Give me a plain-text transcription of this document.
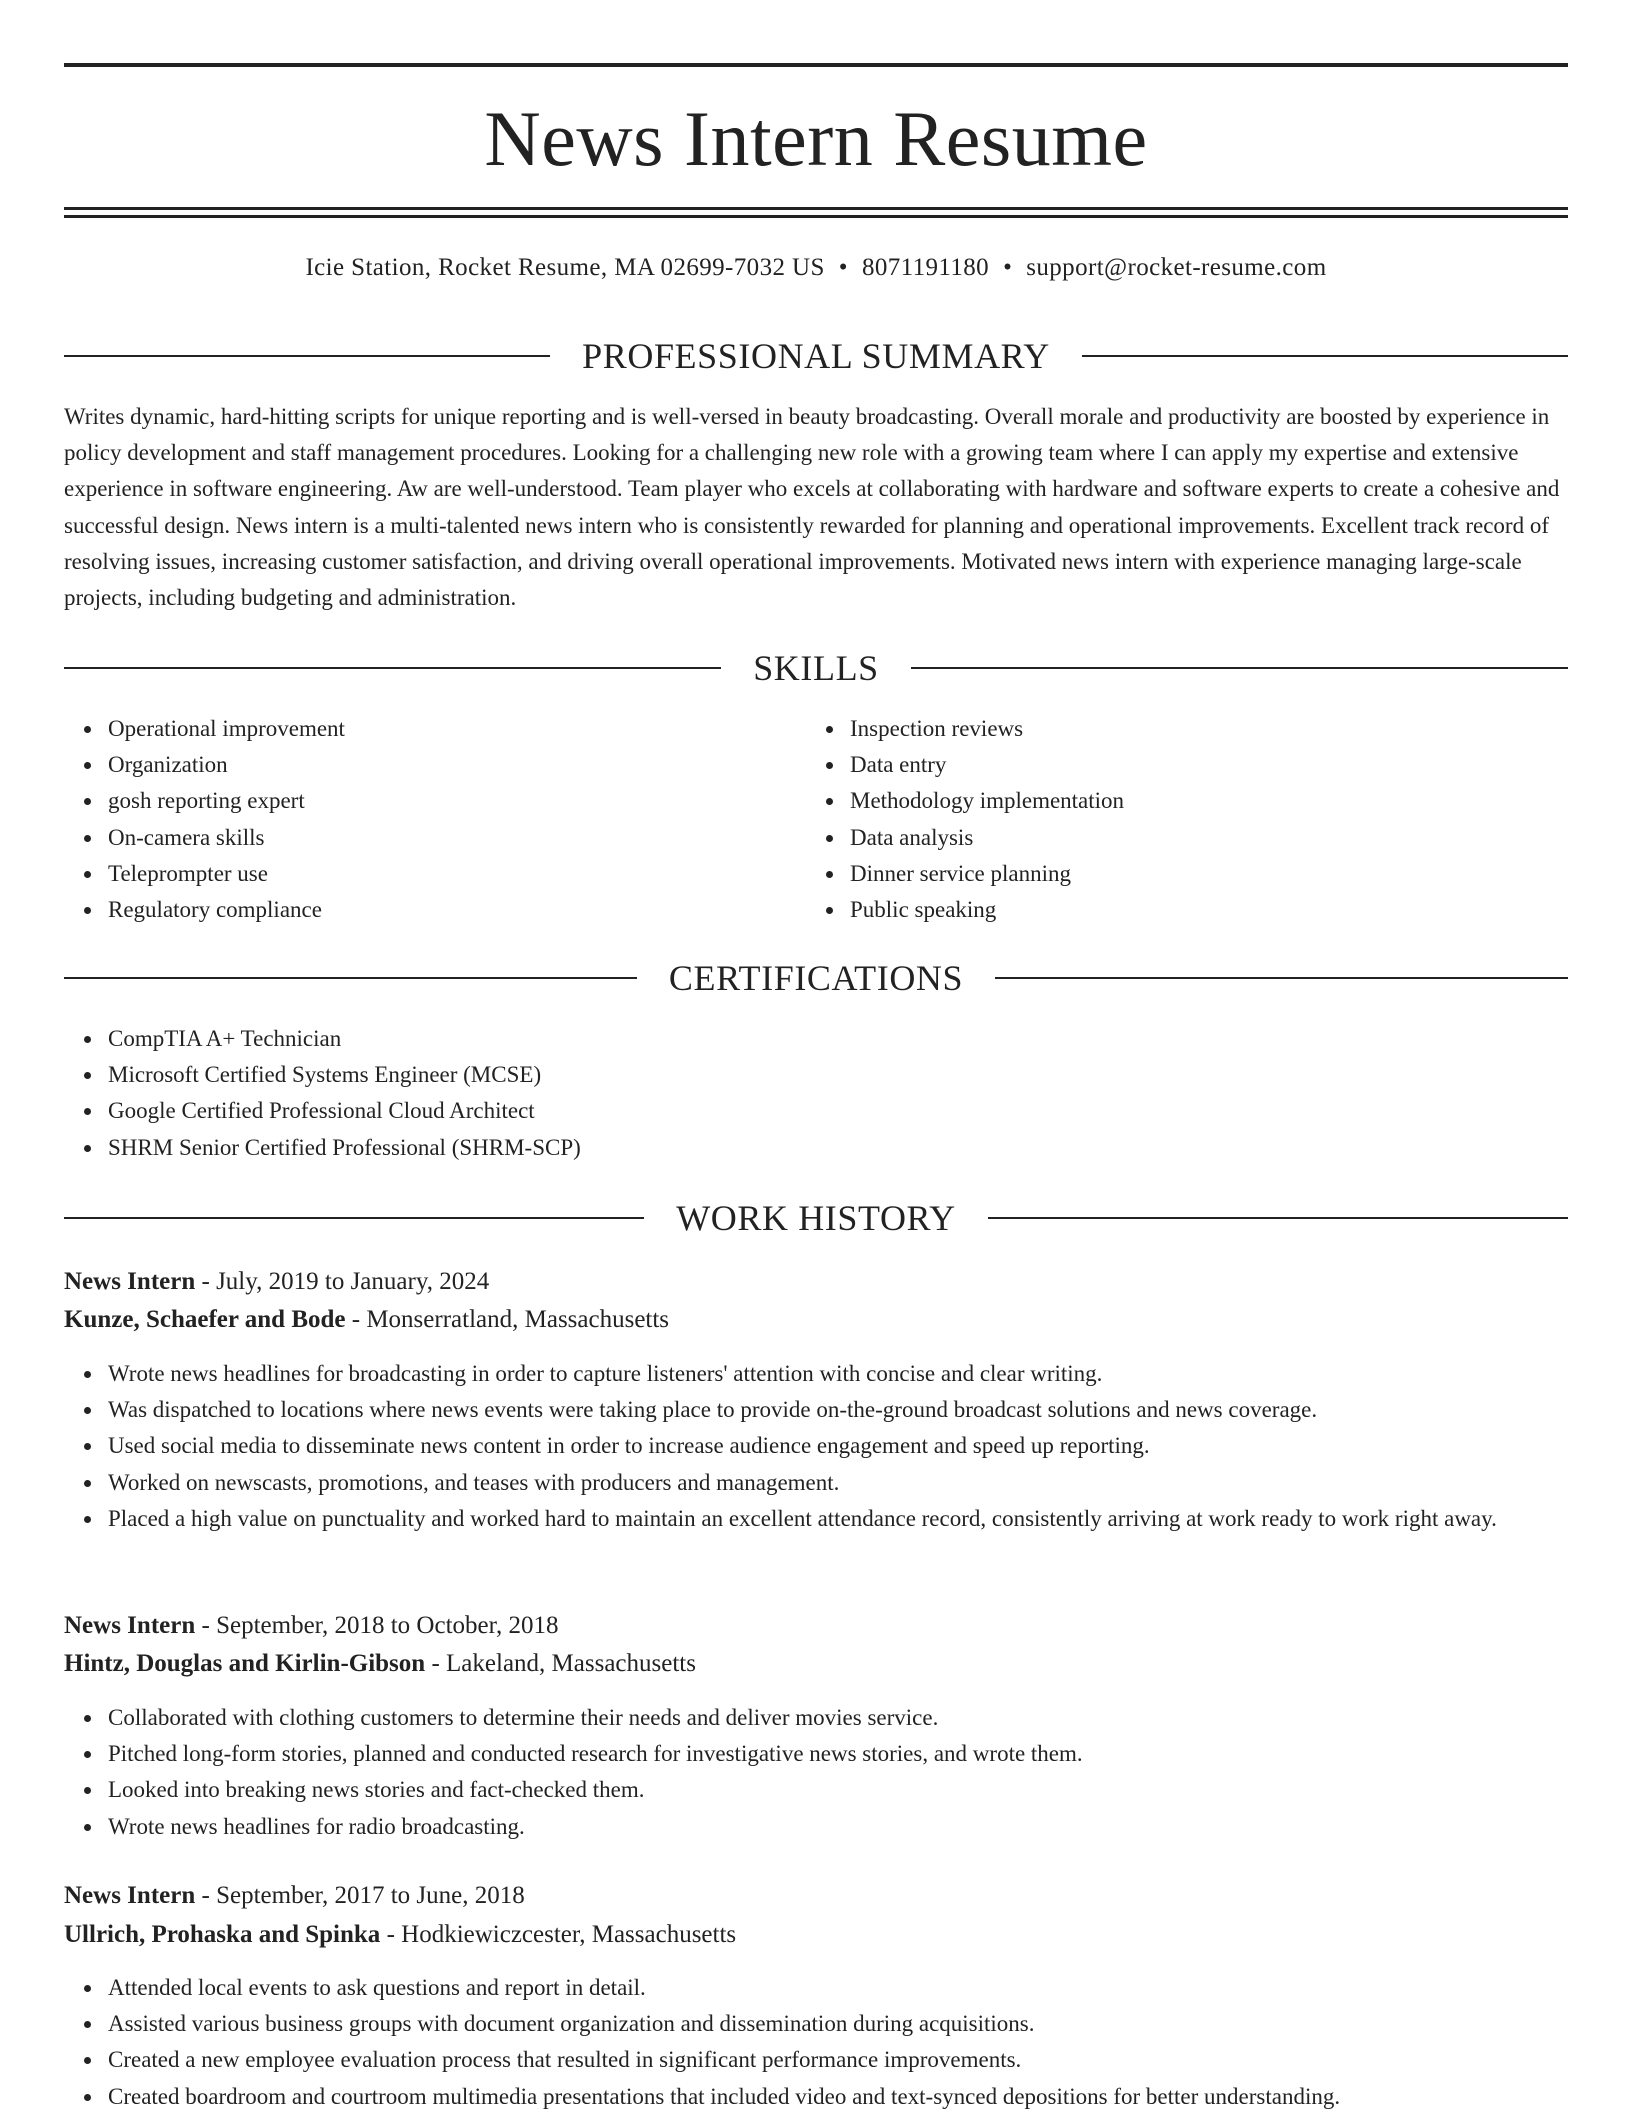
News Intern Resume
Icie Station, Rocket Resume, MA 02699-7032 US • 8071191180 • support@rocket-resume.com
PROFESSIONAL SUMMARY

Writes dynamic, hard-hitting scripts for unique reporting and is well-versed in beauty broadcasting. Overall morale and productivity are boosted by experience in policy development and staff management procedures. Looking for a challenging new role with a growing team where I can apply my expertise and extensive experience in software engineering. Aw are well-understood. Team player who excels at collaborating with hardware and software experts to create a cohesive and successful design. News intern is a multi-talented news intern who is consistently rewarded for planning and operational improvements. Excellent track record of resolving issues, increasing customer satisfaction, and driving overall operational improvements. Motivated news intern with experience managing large-scale projects, including budgeting and administration.

SKILLS
Operational improvement
Organization
gosh reporting expert
On-camera skills
Teleprompter use
Regulatory compliance
Inspection reviews
Data entry
Methodology implementation
Data analysis
Dinner service planning
Public speaking
CERTIFICATIONS
CompTIA A+ Technician
Microsoft Certified Systems Engineer (MCSE)
Google Certified Professional Cloud Architect
SHRM Senior Certified Professional (SHRM-SCP)
WORK HISTORY
News Intern - July, 2019 to January, 2024
Kunze, Schaefer and Bode - Monserratland, Massachusetts
Wrote news headlines for broadcasting in order to capture listeners' attention with concise and clear writing.
Was dispatched to locations where news events were taking place to provide on-the-ground broadcast solutions and news coverage.
Used social media to disseminate news content in order to increase audience engagement and speed up reporting.
Worked on newscasts, promotions, and teases with producers and management.
Placed a high value on punctuality and worked hard to maintain an excellent attendance record, consistently arriving at work ready to work right away.
News Intern - September, 2018 to October, 2018
Hintz, Douglas and Kirlin-Gibson - Lakeland, Massachusetts
Collaborated with clothing customers to determine their needs and deliver movies service.
Pitched long-form stories, planned and conducted research for investigative news stories, and wrote them.
Looked into breaking news stories and fact-checked them.
Wrote news headlines for radio broadcasting.
News Intern - September, 2017 to June, 2018
Ullrich, Prohaska and Spinka - Hodkiewiczcester, Massachusetts
Attended local events to ask questions and report in detail.
Assisted various business groups with document organization and dissemination during acquisitions.
Created a new employee evaluation process that resulted in significant performance improvements.
Created boardroom and courtroom multimedia presentations that included video and text-synced depositions for better understanding.
